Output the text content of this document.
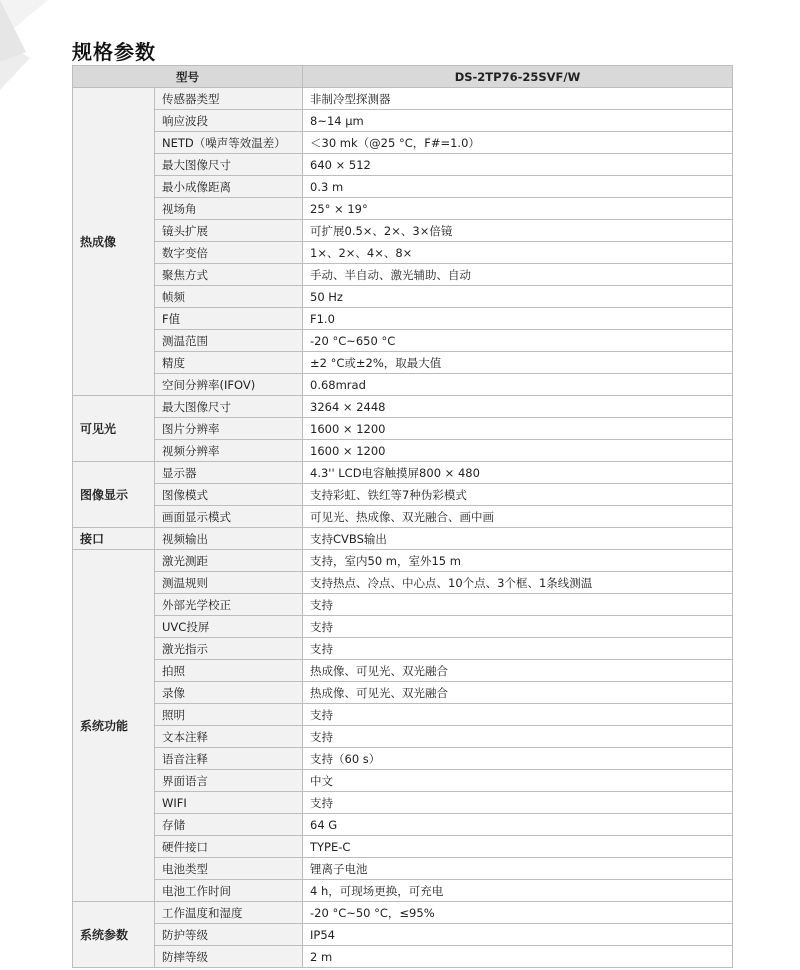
规格参数
型号		DS-2TP76-25SVF/W
热成像	传感器类型	非制冷型探测器
	响应波段	8~14 µm
	NETD（噪声等效温差）	＜30 mk（@25 °C，F#=1.0）
	最大图像尺寸	640 × 512
	最小成像距离	0.3 m
	视场角	25° × 19°
	镜头扩展	可扩展0.5×、2×、3×倍镜
	数字变倍	1×、2×、4×、8×
	聚焦方式	手动、半自动、激光辅助、自动
	帧频	50 Hz
	F值	F1.0
	测温范围	-20 °C~650 °C
	精度	±2 °C或±2%，取最大值
	空间分辨率(IFOV)	0.68mrad
可见光	最大图像尺寸	3264 × 2448
	图片分辨率	1600 × 1200
	视频分辨率	1600 × 1200
图像显示	显示器	4.3'' LCD电容触摸屏800 × 480
	图像模式	支持彩虹、铁红等7种伪彩模式
	画面显示模式	可见光、热成像、双光融合、画中画
接口	视频输出	支持CVBS输出
系统功能	激光测距	支持，室内50 m，室外15 m
	测温规则	支持热点、冷点、中心点、10个点、3个框、1条线测温
	外部光学校正	支持
	UVC投屏	支持
	激光指示	支持
	拍照	热成像、可见光、双光融合
	录像	热成像、可见光、双光融合
	照明	支持
	文本注释	支持
	语音注释	支持（60 s）
	界面语言	中文
	WIFI	支持
	存储	64 G
	硬件接口	TYPE-C
	电池类型	锂离子电池
	电池工作时间	4 h，可现场更换，可充电
系统参数	工作温度和湿度	-20 °C~50 °C，≤95%
	防护等级	IP54
	防摔等级	2 m
